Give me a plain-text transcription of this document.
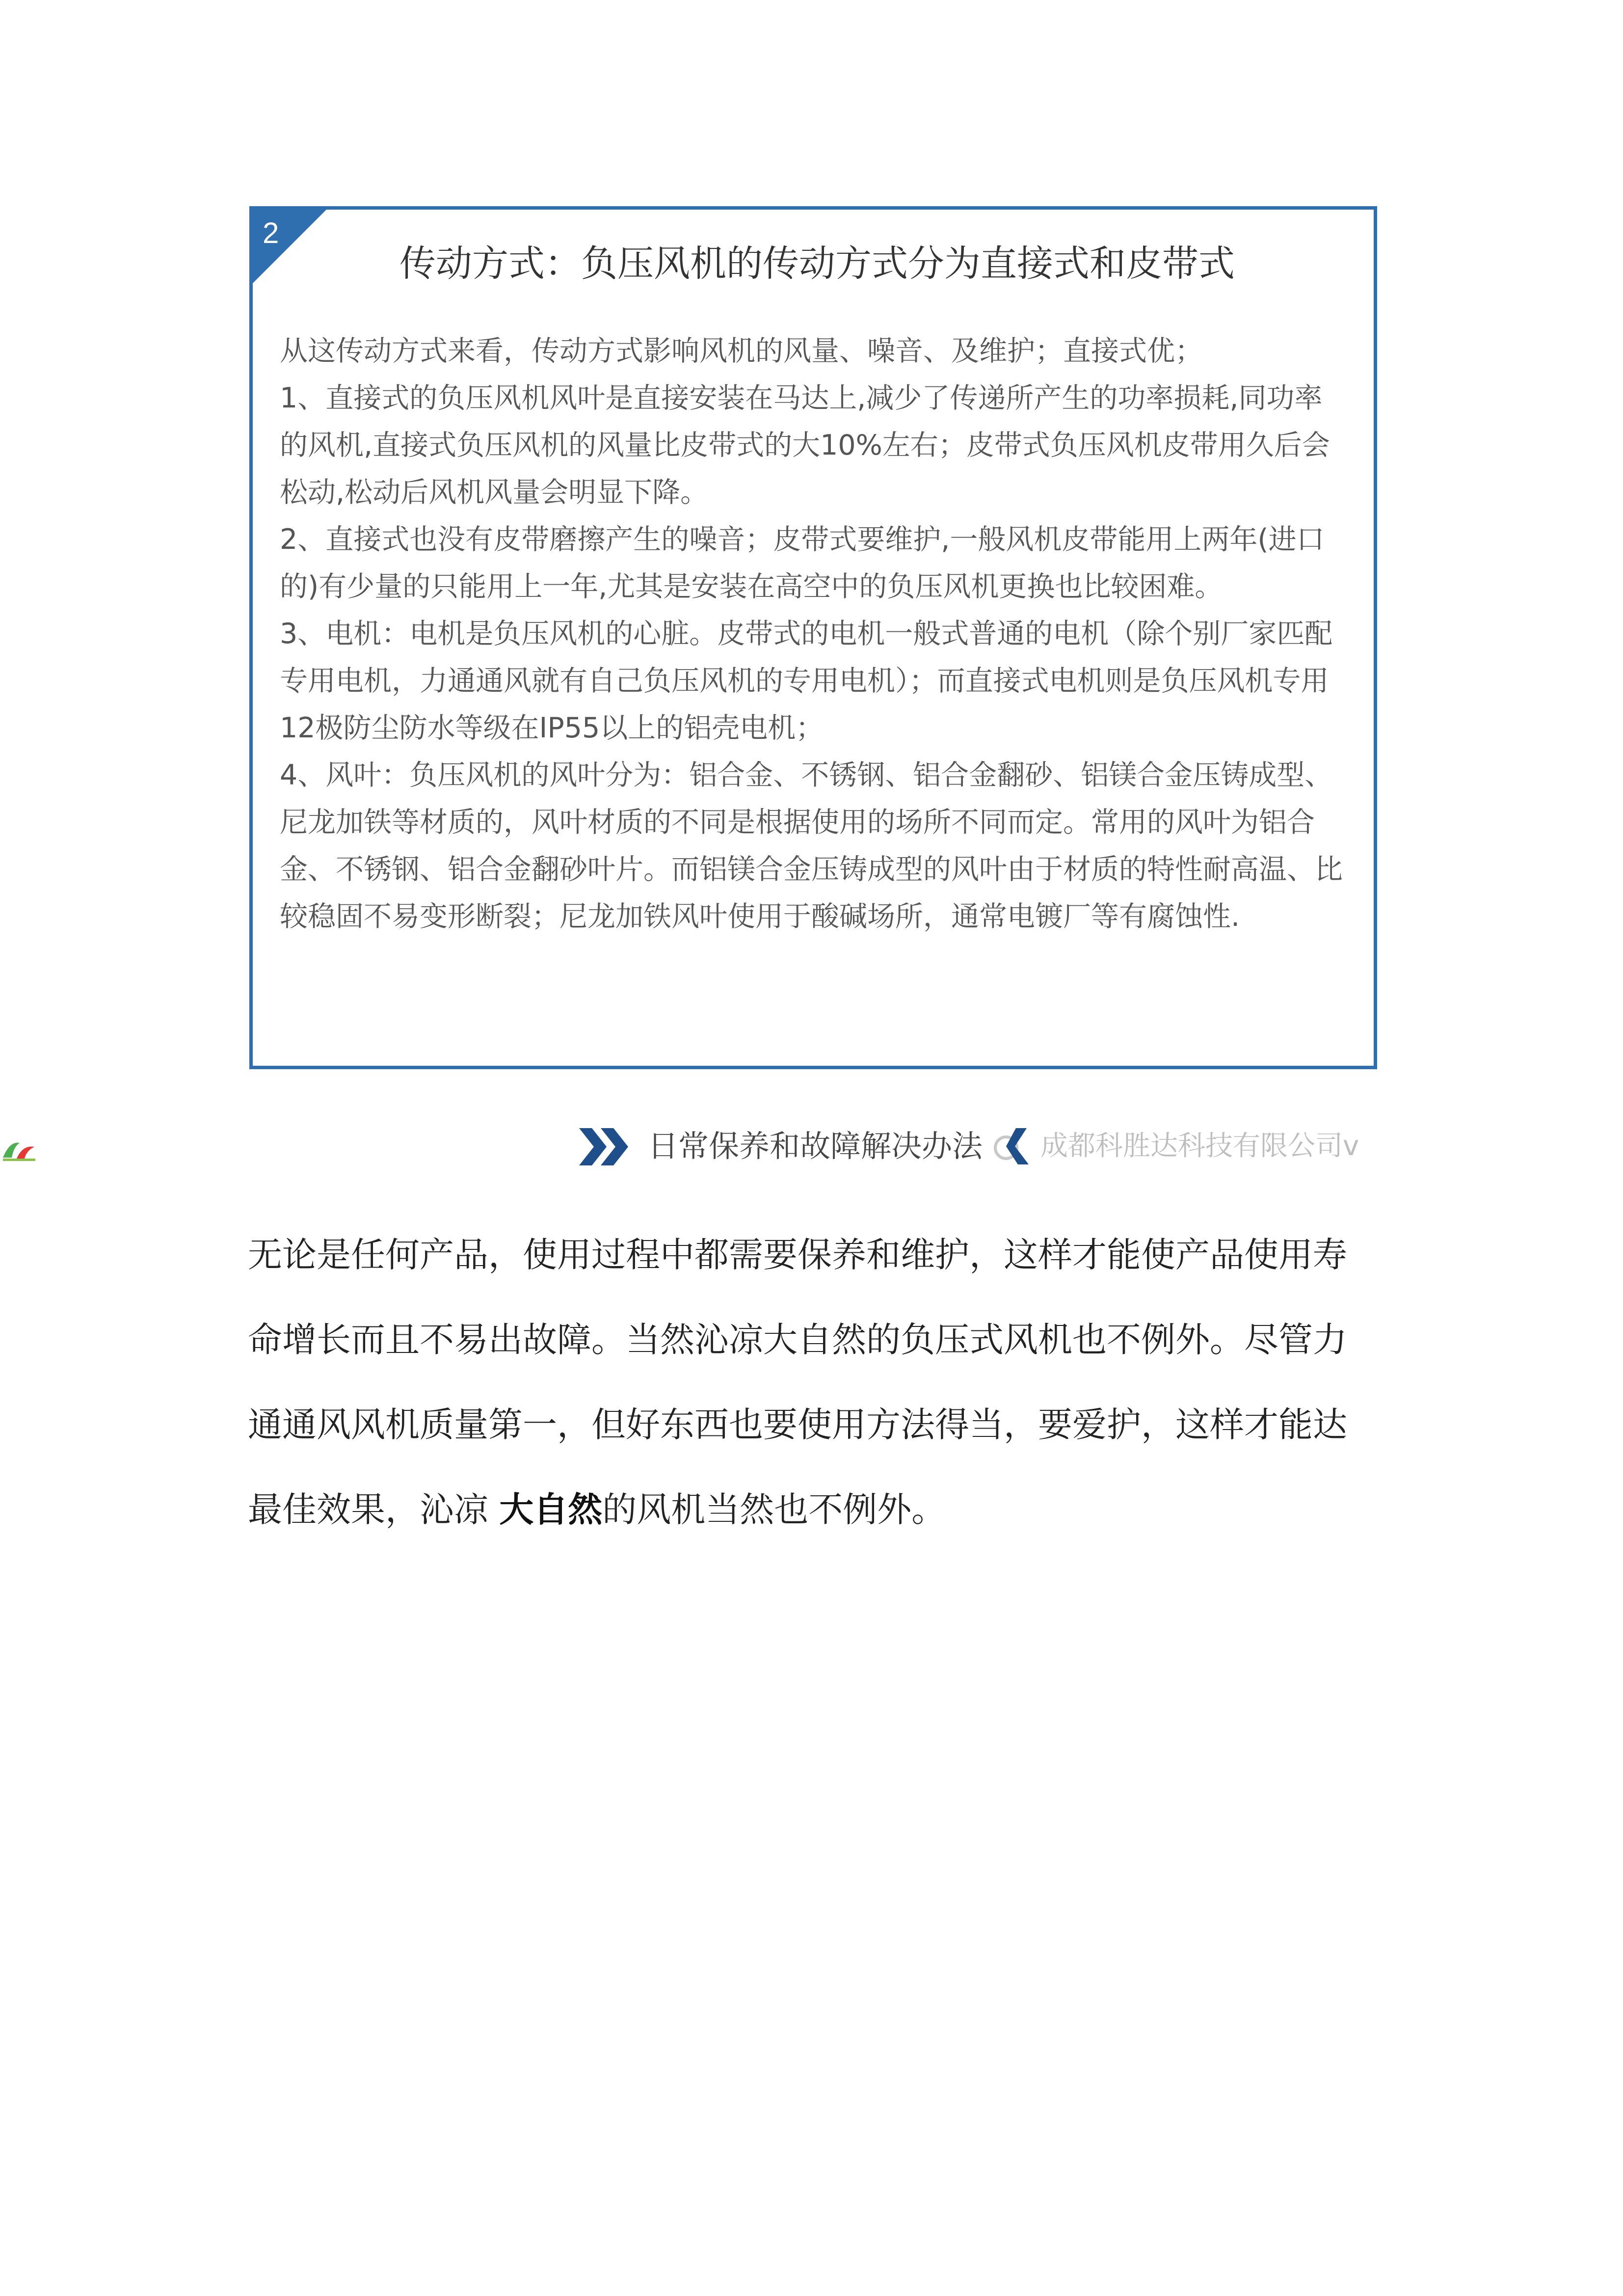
2
传动方式：负压风机的传动方式分为直接式和皮带式

从这传动方式来看，传动方式影响风机的风量、噪音、及维护；直接式优；

1、直接式的负压风机风叶是直接安装在马达上,减少了传递所产生的功率损耗,同功率的风机,直接式负压风机的风量比皮带式的大10%左右；皮带式负压风机皮带用久后会松动,松动后风机风量会明显下降。

2、直接式也没有皮带磨擦产生的噪音；皮带式要维护,一般风机皮带能用上两年(进口的)有少量的只能用上一年,尤其是安装在高空中的负压风机更换也比较困难。

3、电机：电机是负压风机的心脏。皮带式的电机一般式普通的电机（除个别厂家匹配专用电机，力通通风就有自己负压风机的专用电机）；而直接式电机则是负压风机专用12极防尘防水等级在IP55以上的铝壳电机；

4、风叶：负压风机的风叶分为：铝合金、不锈钢、铝合金翻砂、铝镁合金压铸成型、尼龙加铁等材质的，风叶材质的不同是根据使用的场所不同而定。常用的风叶为铝合金、不锈钢、铝合金翻砂叶片。而铝镁合金压铸成型的风叶由于材质的特性耐高温、比较稳固不易变形断裂；尼龙加铁风叶使用于酸碱场所，通常电镀厂等有腐蚀性.

日常保养和故障解决办法 成都科胜达科技有限公司v

无论是任何产品，使用过程中都需要保养和维护，这样才能使产品使用寿命增长而且不易出故障。当然沁凉大自然的负压式风机也不例外。尽管力通通风风机质量第一，但好东西也要使用方法得当，要爱护，这样才能达最佳效果，沁凉 大自然的风机当然也不例外。
